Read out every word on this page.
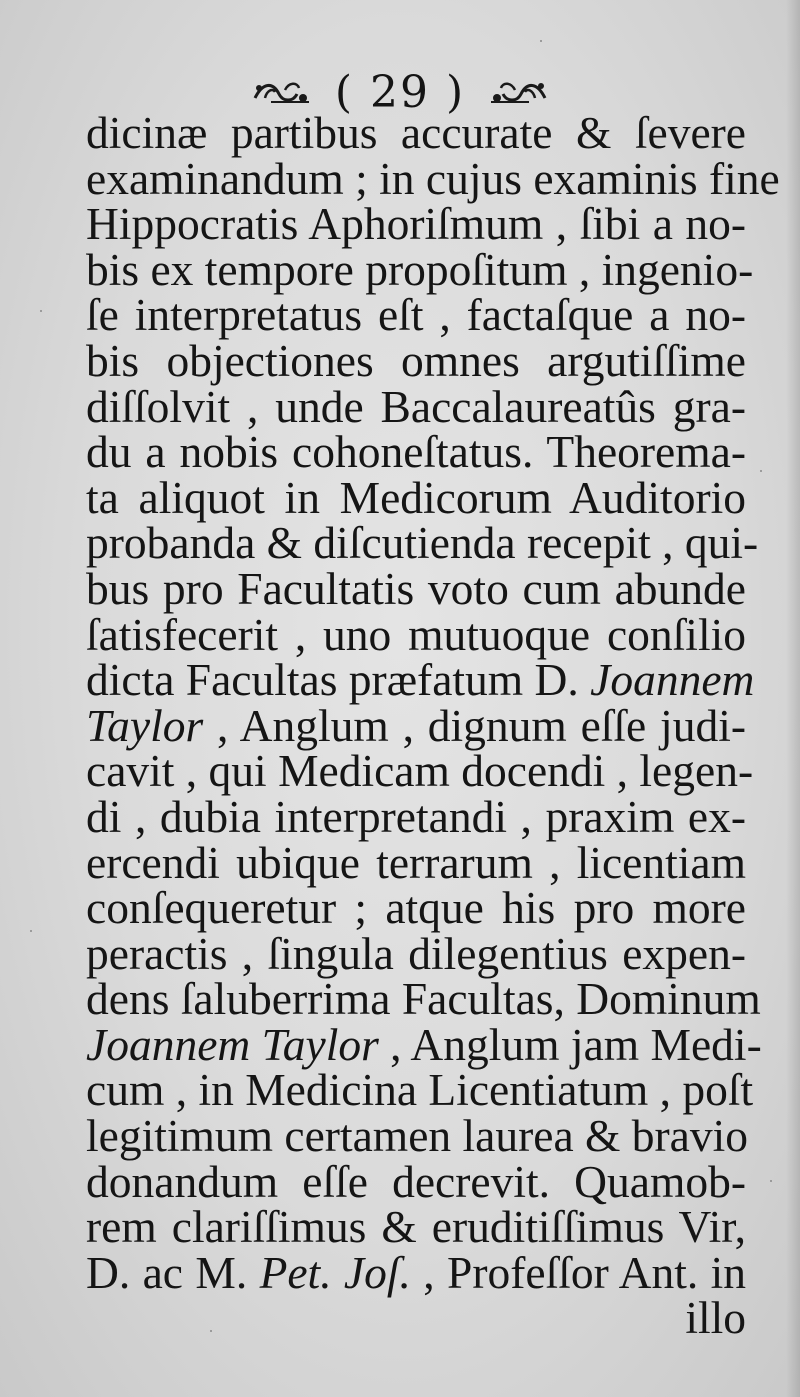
( 29 )
dicinæ partibus accurate & ſevere
examinandum ; in cujus examinis fine
Hippocratis Aphoriſmum , ſibi a no-
bis ex tempore propoſitum , ingenio-
ſe interpretatus eſt , factaſque a no-
bis objectiones omnes argutiſſime
diſſolvit , unde Baccalaureatûs gra-
du a nobis cohoneſtatus. Theorema-
ta aliquot in Medicorum Auditorio
probanda & diſcutienda recepit , qui-
bus pro Facultatis voto cum abunde
ſatisfecerit , uno mutuoque conſilio
dicta Facultas præfatum D. Joannem
Taylor , Anglum , dignum eſſe judi-
cavit , qui Medicam docendi , legen-
di , dubia interpretandi , praxim ex-
ercendi ubique terrarum , licentiam
conſequeretur ; atque his pro more
peractis , ſingula dilegentius expen-
dens ſaluberrima Facultas, Dominum
Joannem Taylor , Anglum jam Medi-
cum , in Medicina Licentiatum , poſt
legitimum certamen laurea & bravio
donandum eſſe decrevit. Quamob-
rem clariſſimus & eruditiſſimus Vir,
D. ac M. Pet. Joſ. , Profeſſor Ant. in
illo
